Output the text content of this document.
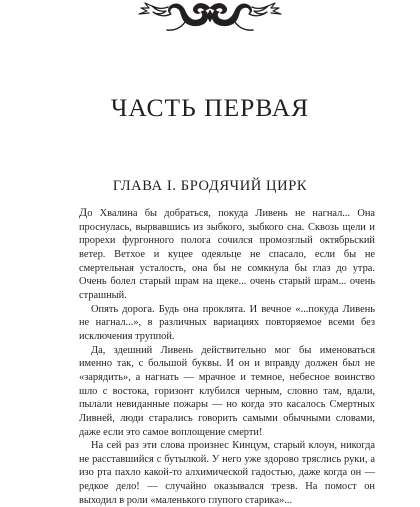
ЧАСТЬ ПЕРВАЯ
ГЛАВА I. БРОДЯЧИЙ ЦИРК

До Хвалина бы добраться, покуда Ливень не нагнал... Она проснулась, вырвавшись из зыбкого, зыбкого сна. Сквозь щели и прорехи фургонного полога сочился промозглый октябрьский ветер. Ветхое и куцее одеяльце не спасало, если бы не смертельная усталость, она бы не сомкнула бы глаз до утра. Очень болел старый шрам на щеке... очень старый шрам... очень страшный.

Опять дорога. Будь она проклята. И вечное «...покуда Ливень не нагнал...», в различных вариациях повторяемое всеми без исключения труппой.

Да, здешний Ливень действительно мог бы именоваться именно так, с большой буквы. И он и вправду должен был не «зарядить», а нагнать — мрачное и темное, небесное воинство шло с востока, горизонт клубился черным, словно там, вдали, пылали невиданные пожары — но когда это касалось Смертных Ливней, люди старались говорить самыми обычными словами, даже если это самое воплощение смерти!

На сей раз эти слова произнес Кинцум, старый клоун, никогда не расставшийся с бутылкой. У него уже здорово тряслись руки, а изо рта пахло какой-то алхимической гадостью, даже когда он — редкое дело! — случайно оказывался трезв. На помост он выходил в роли «маленького глупого старика»...
